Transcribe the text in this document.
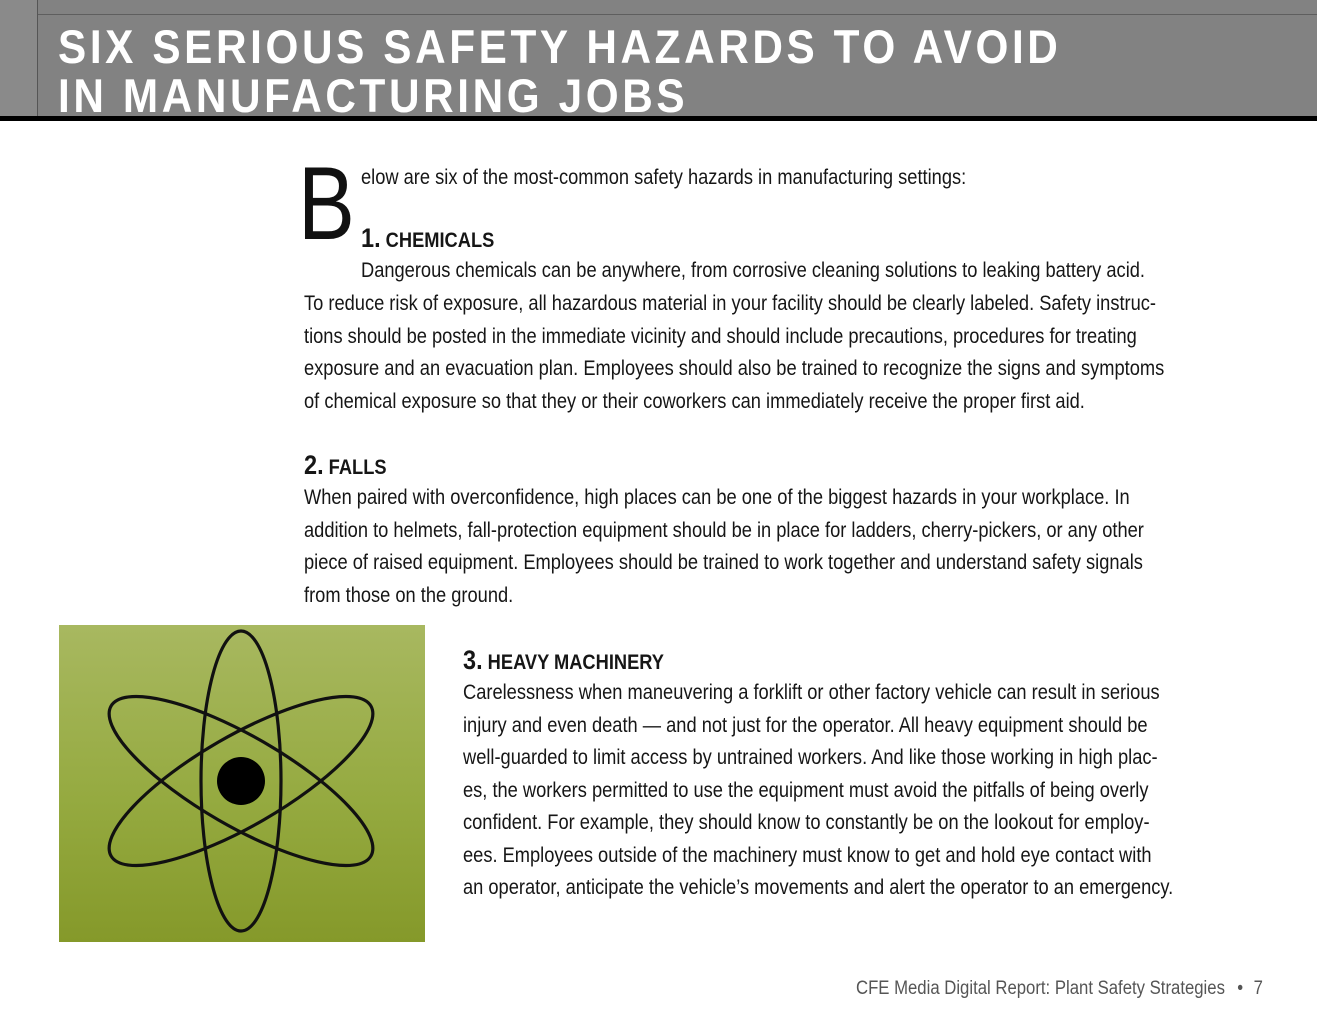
SIX SERIOUS SAFETY HAZARDS TO AVOID
IN MANUFACTURING JOBS
B elow are six of the most-common safety hazards in manufacturing settings:
1. CHEMICALS
Dangerous chemicals can be anywhere, from corrosive cleaning solutions to leaking battery acid.
To reduce risk of exposure, all hazardous material in your facility should be clearly labeled. Safety instruc-
tions should be posted in the immediate vicinity and should include precautions, procedures for treating
exposure and an evacuation plan. Employees should also be trained to recognize the signs and symptoms
of chemical exposure so that they or their coworkers can immediately receive the proper first aid.
2. FALLS
When paired with overconfidence, high places can be one of the biggest hazards in your workplace. In
addition to helmets, fall-protection equipment should be in place for ladders, cherry-pickers, or any other
piece of raised equipment. Employees should be trained to work together and understand safety signals
from those on the ground.
3. HEAVY MACHINERY
Carelessness when maneuvering a forklift or other factory vehicle can result in serious
injury and even death — and not just for the operator. All heavy equipment should be
well-guarded to limit access by untrained workers. And like those working in high plac-
es, the workers permitted to use the equipment must avoid the pitfalls of being overly
confident. For example, they should know to constantly be on the lookout for employ-
ees. Employees outside of the machinery must know to get and hold eye contact with
an operator, anticipate the vehicle’s movements and alert the operator to an emergency.
CFE Media Digital Report: Plant Safety Strategies • 7
